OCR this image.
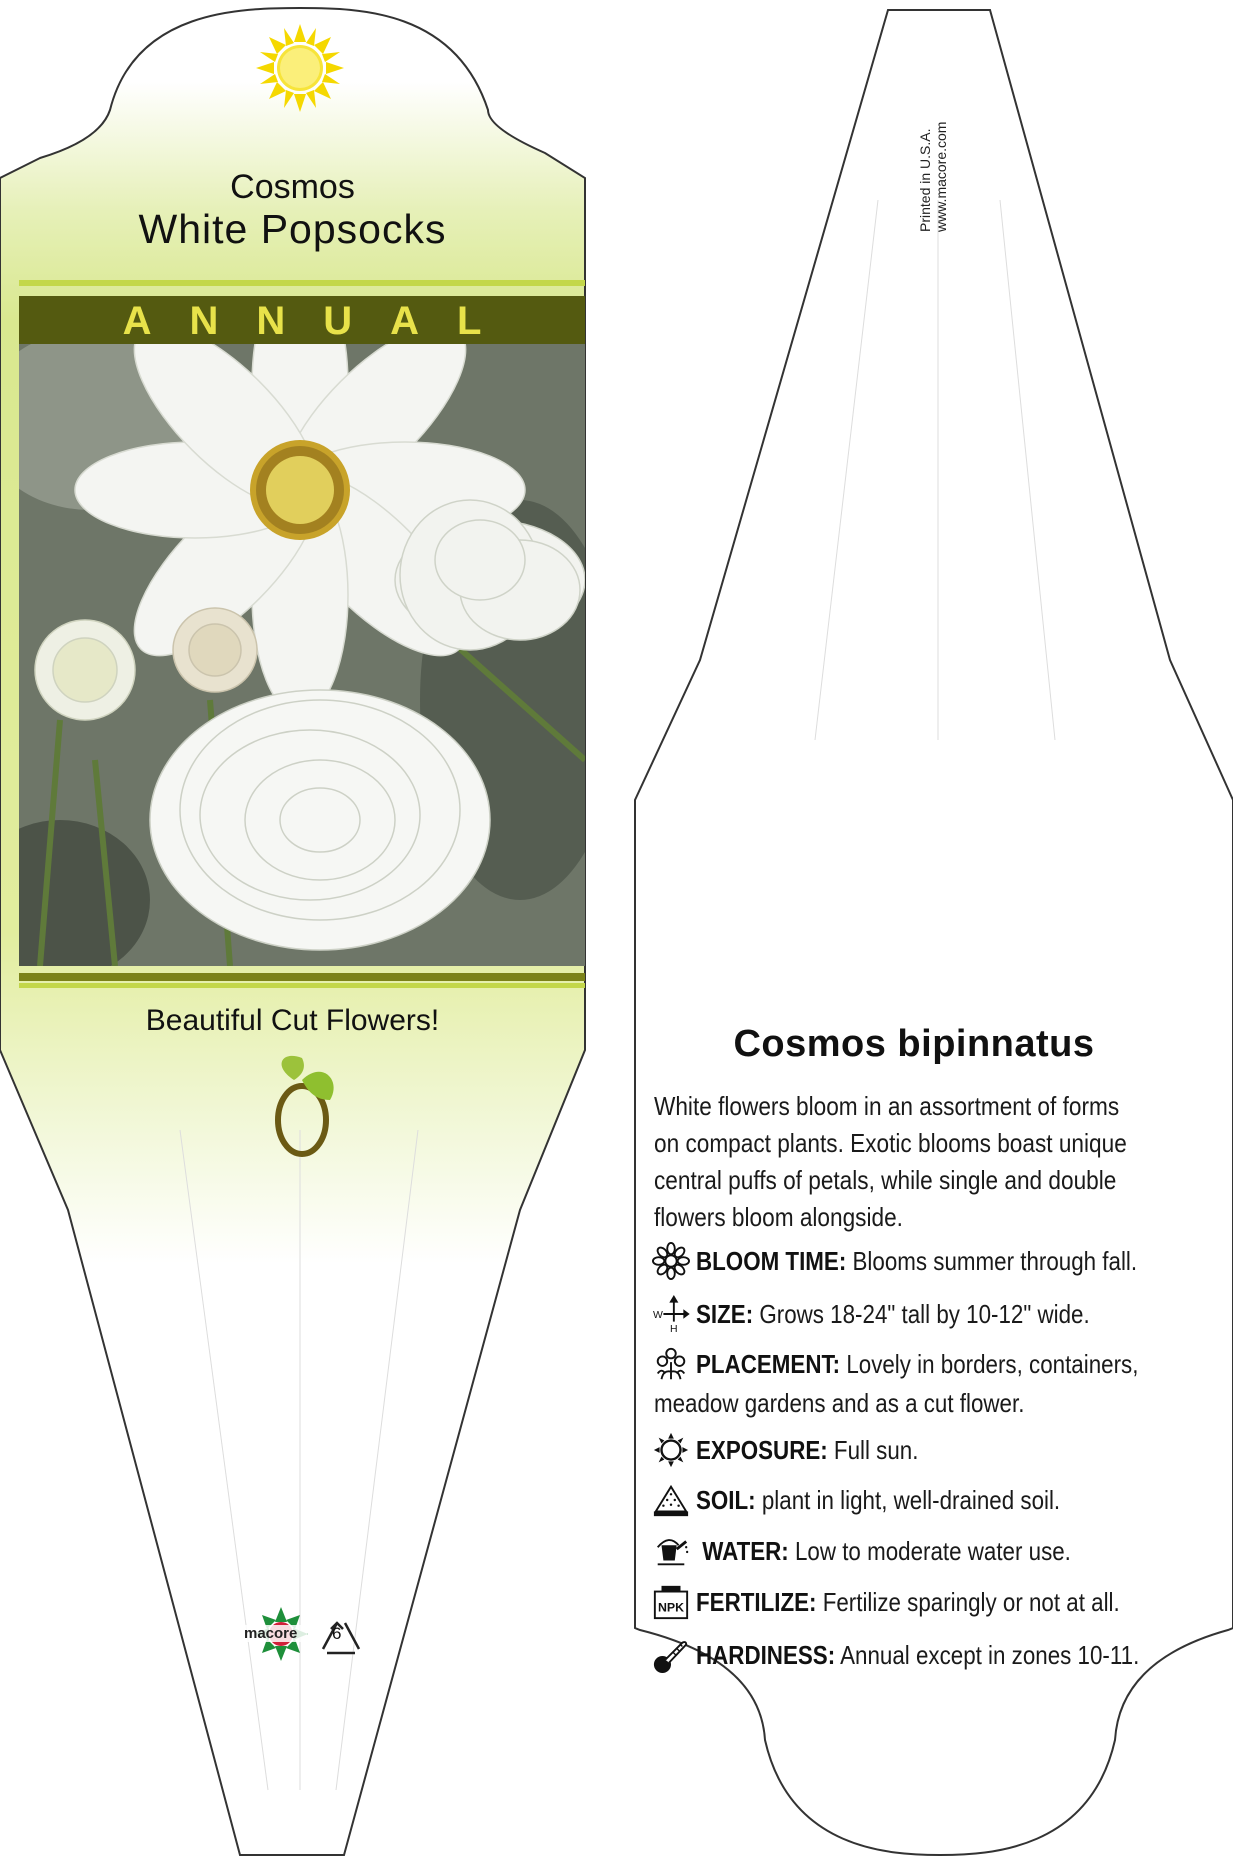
Cosmos

White Popsocks

ANNUAL

Beautiful Cut Flowers!

macore 6

Printed in U.S.A.
www.macore.com

Cosmos bipinnatus

White flowers bloom in an assortment of forms on compact plants. Exotic blooms boast unique central puffs of petals, while single and double flowers bloom alongside.

BLOOM TIME: Blooms summer through fall.
W
H
SIZE: Grows 18-24" tall by 10-12" wide.
PLACEMENT: Lovely in borders, containers,

meadow gardens and as a cut flower.

EXPOSURE: Full sun.
SOIL: plant in light, well-drained soil.
WATER: Low to moderate water use.
NPK FERTILIZE: Fertilize sparingly or not at all.
HARDINESS: Annual except in zones 10-11.
